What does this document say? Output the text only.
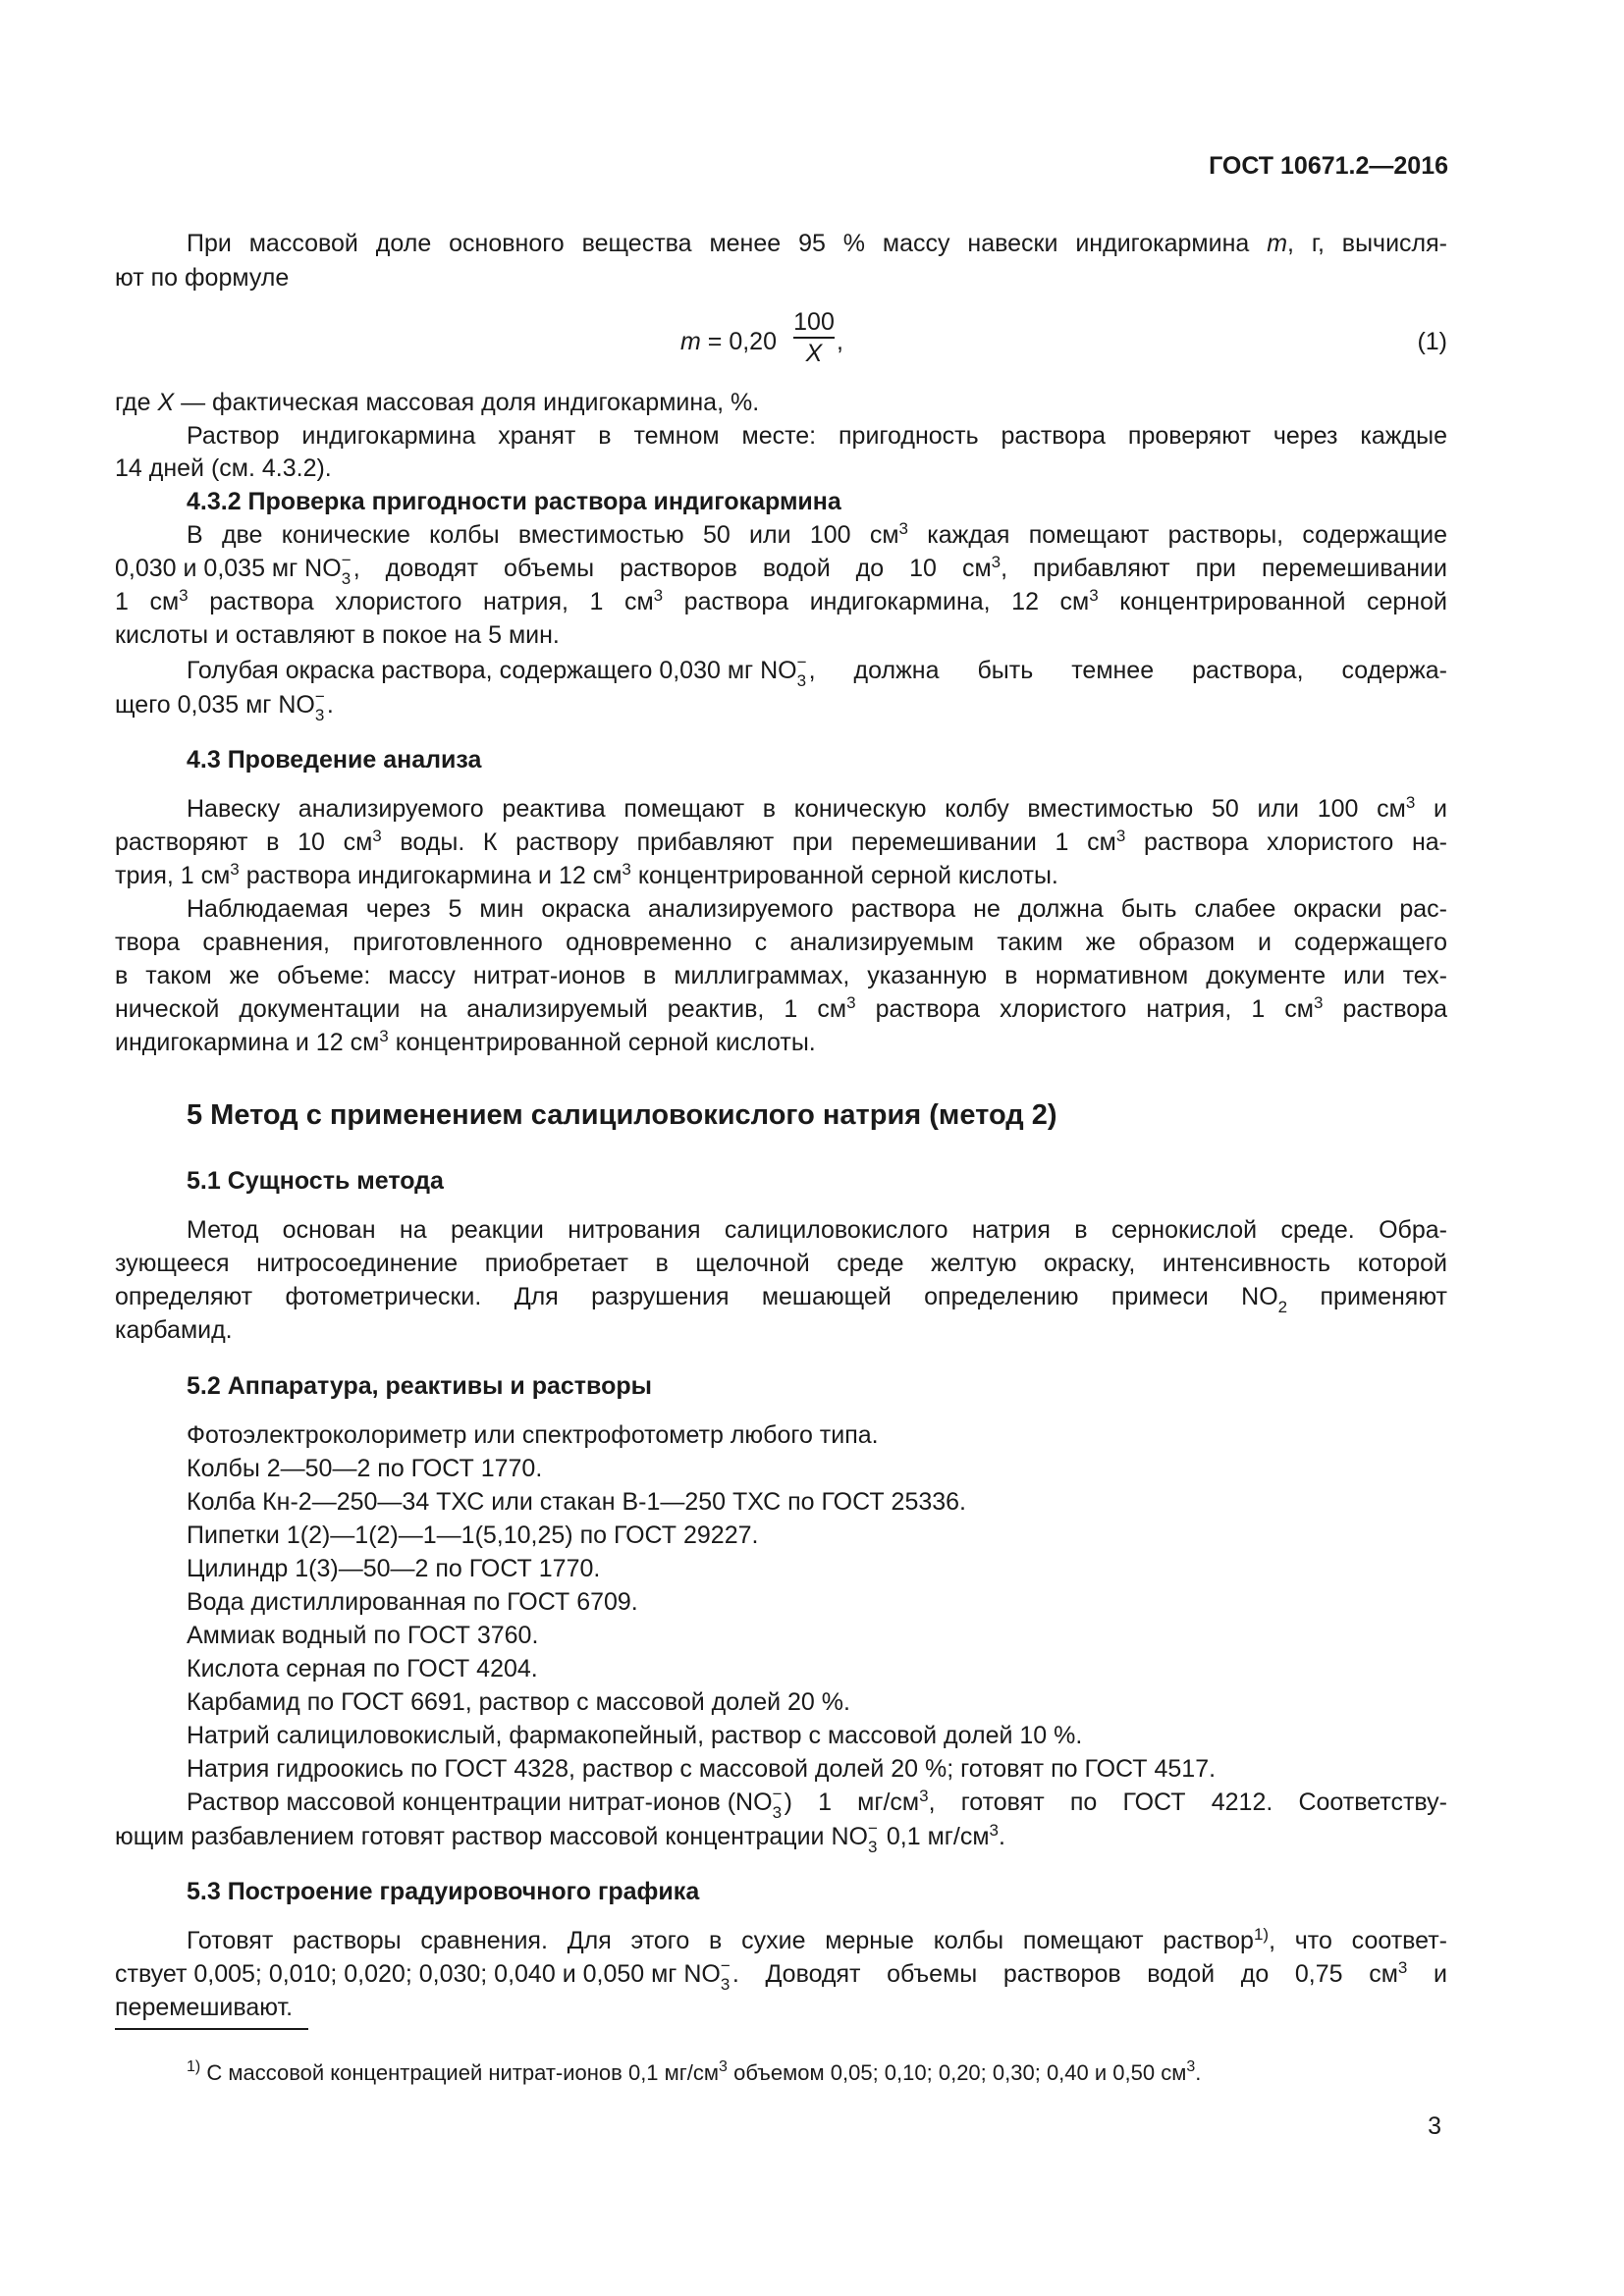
ГОСТ 10671.2—2016
При массовой доле основного вещества менее 95 % массу навески индигокармина m, г, вычисля-
ют по формуле
m = 0,20
100
X ,	(1)
где X — фактическая массовая доля индигокармина, %.
Раствор индигокармина хранят в темном месте: пригодность раствора проверяют через каждые
14 дней (см. 4.3.2).
4.3.2 Проверка пригодности раствора индигокармина
В две конические колбы вместимостью 50 или 100 $см^3$ каждая помещают растворы, содержащие
0,030 и 0,035 мг NO −
3 , доводят объемы растворов водой до 10 $см^3$, прибавляют при перемешивании
1 $см^3$ раствора хлористого натрия, 1 $см^3$ раствора индигокармина, 12 $см^3$ концентрированной серной
кислоты и оставляют в покое на 5 мин.
Голубая окраска раствора, содержащего 0,030 мг NO −
3 , должна быть темнее раствора, содержа-
щего 0,035 мг NO −
3 .
4.3 Проведение анализа
Навеску анализируемого реактива помещают в коническую колбу вместимостью 50 или 100 $см^3$ и
растворяют в 10 $см^3$ воды. К раствору прибавляют при перемешивании 1 $см^3$ раствора хлористого на-
трия, 1 $см^3$ раствора индигокармина и 12 $см^3$ концентрированной серной кислоты.
Наблюдаемая через 5 мин окраска анализируемого раствора не должна быть слабее окраски рас-
твора сравнения, приготовленного одновременно с анализируемым таким же образом и содержащего
в таком же объеме: массу нитрат-ионов в миллиграммах, указанную в нормативном документе или тех-
нической документации на анализируемый реактив, 1 $см^3$ раствора хлористого натрия, 1 $см^3$ раствора
индигокармина и 12 $см^3$ концентрированной серной кислоты.
5 Метод с применением салициловокислого натрия (метод 2)
5.1 Сущность метода
Метод основан на реакции нитрования салициловокислого натрия в сернокислой среде. Обра-
зующееся нитросоединение приобретает в щелочной среде желтую окраску, интенсивность которой
определяют фотометрически. Для разрушения мешающей определению примеси $NO_2$ применяют
карбамид.
5.2 Аппаратура, реактивы и растворы
Фотоэлектроколориметр или спектрофотометр любого типа.
Колбы 2—50—2 по ГОСТ 1770.
Колба Кн-2—250—34 ТХС или стакан В-1—250 ТХС по ГОСТ 25336.
Пипетки 1(2)—1(2)—1—1(5,10,25) по ГОСТ 29227.
Цилиндр 1(3)—50—2 по ГОСТ 1770.
Вода дистиллированная по ГОСТ 6709.
Аммиак водный по ГОСТ 3760.
Кислота серная по ГОСТ 4204.
Карбамид по ГОСТ 6691, раствор с массовой долей 20 %.
Натрий салициловокислый, фармакопейный, раствор с массовой долей 10 %.
Натрия гидроокись по ГОСТ 4328, раствор с массовой долей 20 %; готовят по ГОСТ 4517.
Раствор массовой концентрации нитрат-ионов (NO −
3 ) 1 $мг/см^3$, готовят по ГОСТ 4212. Соответству-
ющим разбавлением готовят раствор массовой концентрации NO −
3 0,1 $мг/см^3$.
5.3 Построение градуировочного графика
Готовят растворы сравнения. Для этого в сухие мерные колбы помещают раствор$^{1)}$, что соответ-
ствует 0,005; 0,010; 0,020; 0,030; 0,040 и 0,050 мг NO −
3 . Доводят объемы растворов водой до 0,75 $см^3$ и
перемешивают.
$^{1)}$ С массовой концентрацией нитрат-ионов 0,1 $мг/см^3$ объемом 0,05; 0,10; 0,20; 0,30; 0,40 и 0,50 $см^3$.
3
